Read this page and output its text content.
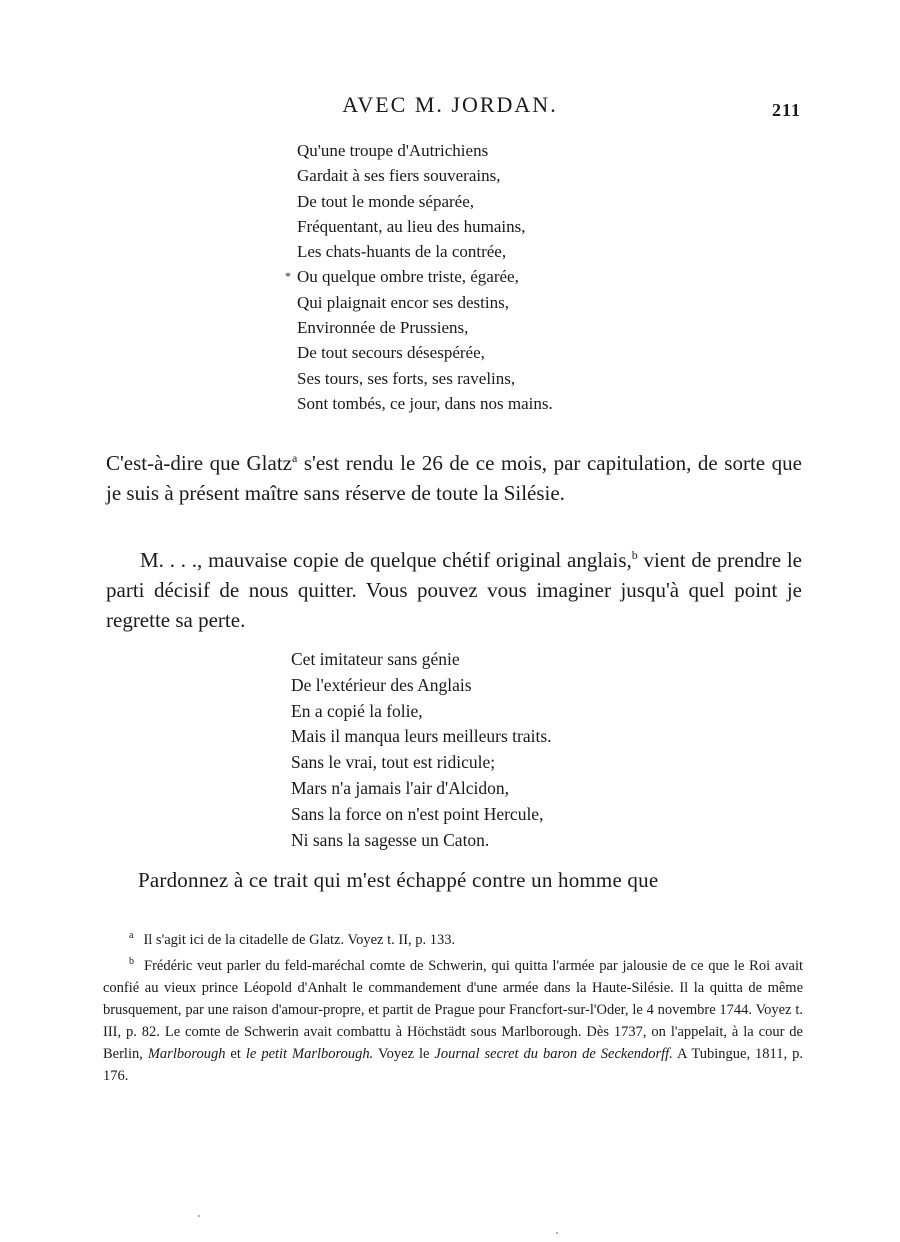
AVEC M. JORDAN.	211
Qu'une troupe d'Autrichiens
Gardait à ses fiers souverains,
De tout le monde séparée,
Fréquentant, au lieu des humains,
Les chats-huants de la contrée,
* Ou quelque ombre triste, égarée,
Qui plaignait encor ses destins,
Environnée de Prussiens,
De tout secours désespérée,
Ses tours, ses forts, ses ravelins,
Sont tombés, ce jour, dans nos mains.
C'est-à-dire que Glatz$^a$ s'est rendu le 26 de ce mois, par capitulation, de sorte que je suis à présent maître sans réserve de toute la Silésie.
M. . . ., mauvaise copie de quelque chétif original anglais,$^b$ vient de prendre le parti décisif de nous quitter. Vous pouvez vous imaginer jusqu'à quel point je regrette sa perte.
Cet imitateur sans génie
De l'extérieur des Anglais
En a copié la folie,
Mais il manqua leurs meilleurs traits.
Sans le vrai, tout est ridicule;
Mars n'a jamais l'air d'Alcidon,
Sans la force on n'est point Hercule,
Ni sans la sagesse un Caton.
Pardonnez à ce trait qui m'est échappé contre un homme que
$^a$ Il s'agit ici de la citadelle de Glatz. Voyez t. II, p. 133.
$^b$ Frédéric veut parler du feld-maréchal comte de Schwerin, qui quitta l'armée par jalousie de ce que le Roi avait confié au vieux prince Léopold d'Anhalt le commandement d'une armée dans la Haute-Silésie. Il la quitta de même brusquement, par une raison d'amour-propre, et partit de Prague pour Francfort-sur-l'Oder, le 4 novembre 1744. Voyez t. III, p. 82. Le comte de Schwerin avait combattu à Höchstädt sous Marlborough. Dès 1737, on l'appelait, à la cour de Berlin, Marlborough et le petit Marlborough. Voyez le Journal secret du baron de Seckendorff. A Tubingue, 1811, p. 176.
